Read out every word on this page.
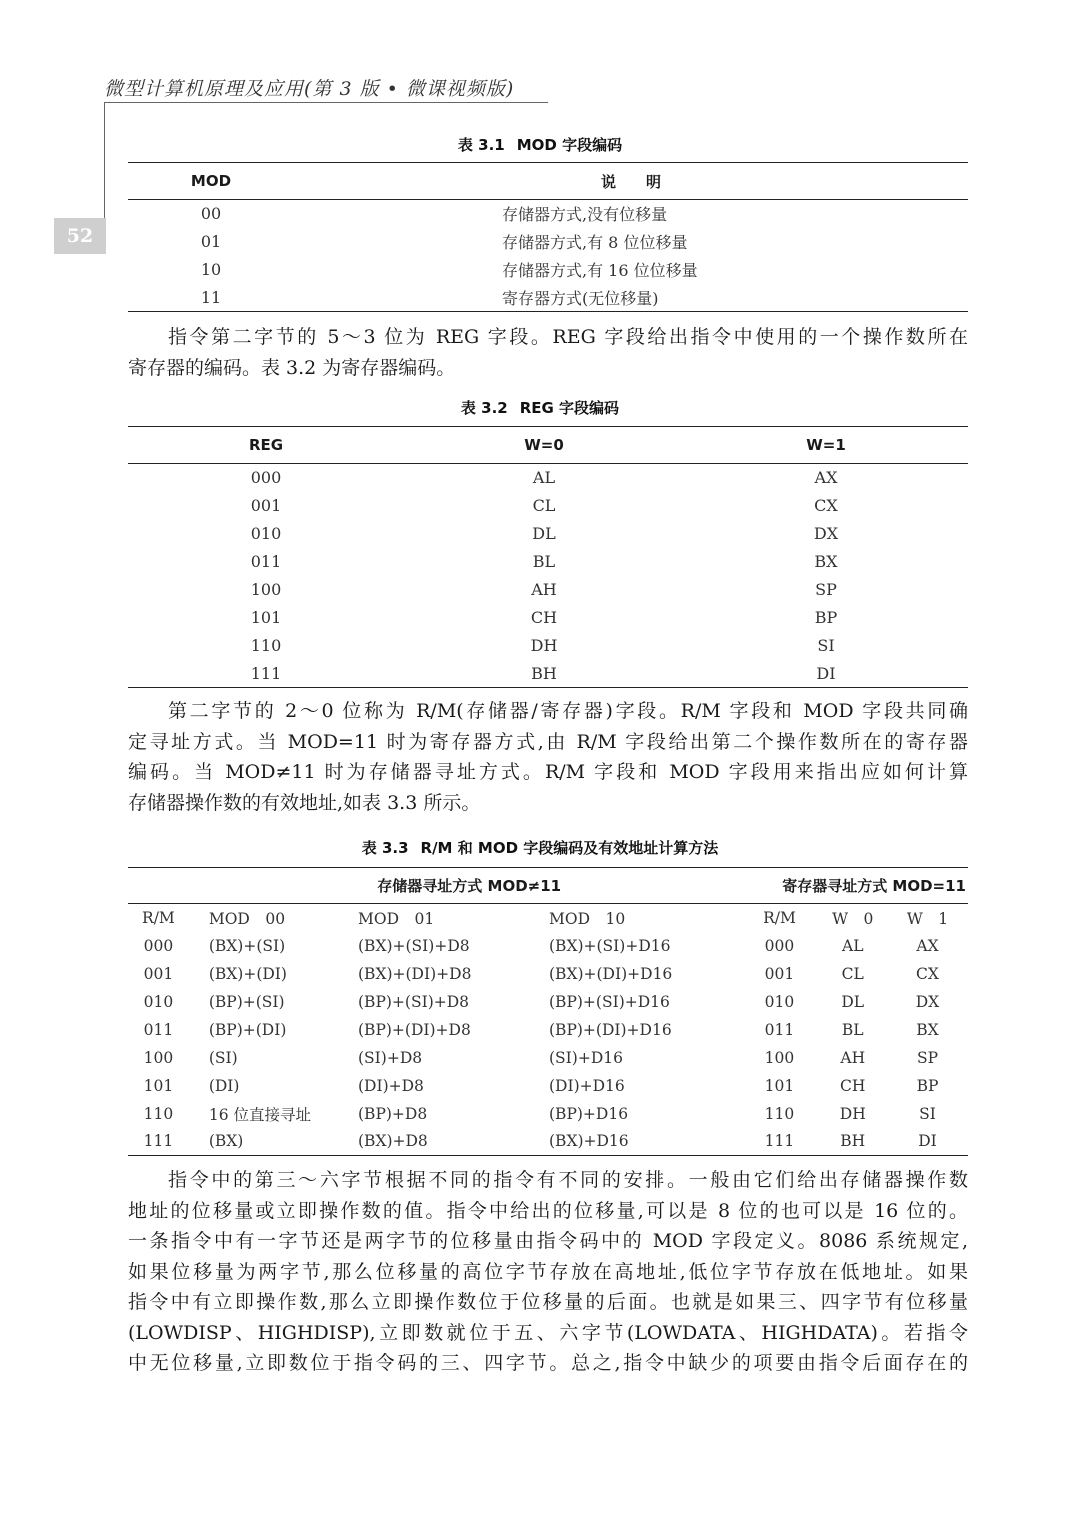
微型计算机原理及应用(第 3 版 • 微课视频版)
52
表 3.1 MOD 字段编码
MOD	说　　明
00	存储器方式,没有位移量
01	存储器方式,有 8 位位移量
10	存储器方式,有 16 位位移量
11	寄存器方式(无位移量)
指令第二字节的 5～3 位为 REG 字段。REG 字段给出指令中使用的一个操作数所在
寄存器的编码。表 3.2 为寄存器编码。
表 3.2 REG 字段编码
REG	W=0	W=1
000	AL	AX
001	CL	CX
010	DL	DX
011	BL	BX
100	AH	SP
101	CH	BP
110	DH	SI
111	BH	DI
第二字节的 2～0 位称为 R/M(存储器/寄存器)字段。R/M 字段和 MOD 字段共同确
定寻址方式。当 MOD=11 时为寄存器方式,由 R/M 字段给出第二个操作数所在的寄存器
编码。当 MOD≠11 时为存储器寻址方式。R/M 字段和 MOD 字段用来指出应如何计算
存储器操作数的有效地址,如表 3.3 所示。
表 3.3 R/M 和 MOD 字段编码及有效地址计算方法
存储器寻址方式 MOD≠11				寄存器寻址方式 MOD=11		
R/M	MOD　00	MOD　01	MOD　10	R/M	W　0	W　1
000	(BX)+(SI)	(BX)+(SI)+D8	(BX)+(SI)+D16	000	AL	AX
001	(BX)+(DI)	(BX)+(DI)+D8	(BX)+(DI)+D16	001	CL	CX
010	(BP)+(SI)	(BP)+(SI)+D8	(BP)+(SI)+D16	010	DL	DX
011	(BP)+(DI)	(BP)+(DI)+D8	(BP)+(DI)+D16	011	BL	BX
100	(SI)	(SI)+D8	(SI)+D16	100	AH	SP
101	(DI)	(DI)+D8	(DI)+D16	101	CH	BP
110	16 位直接寻址	(BP)+D8	(BP)+D16	110	DH	SI
111	(BX)	(BX)+D8	(BX)+D16	111	BH	DI
指令中的第三～六字节根据不同的指令有不同的安排。一般由它们给出存储器操作数
地址的位移量或立即操作数的值。指令中给出的位移量,可以是 8 位的也可以是 16 位的。
一条指令中有一字节还是两字节的位移量由指令码中的 MOD 字段定义。8086 系统规定,
如果位移量为两字节,那么位移量的高位字节存放在高地址,低位字节存放在低地址。如果
指令中有立即操作数,那么立即操作数位于位移量的后面。也就是如果三、四字节有位移量
(LOWDISP、HIGHDISP),立即数就位于五、六字节(LOWDATA、HIGHDATA)。若指令
中无位移量,立即数位于指令码的三、四字节。总之,指令中缺少的项要由指令后面存在的
